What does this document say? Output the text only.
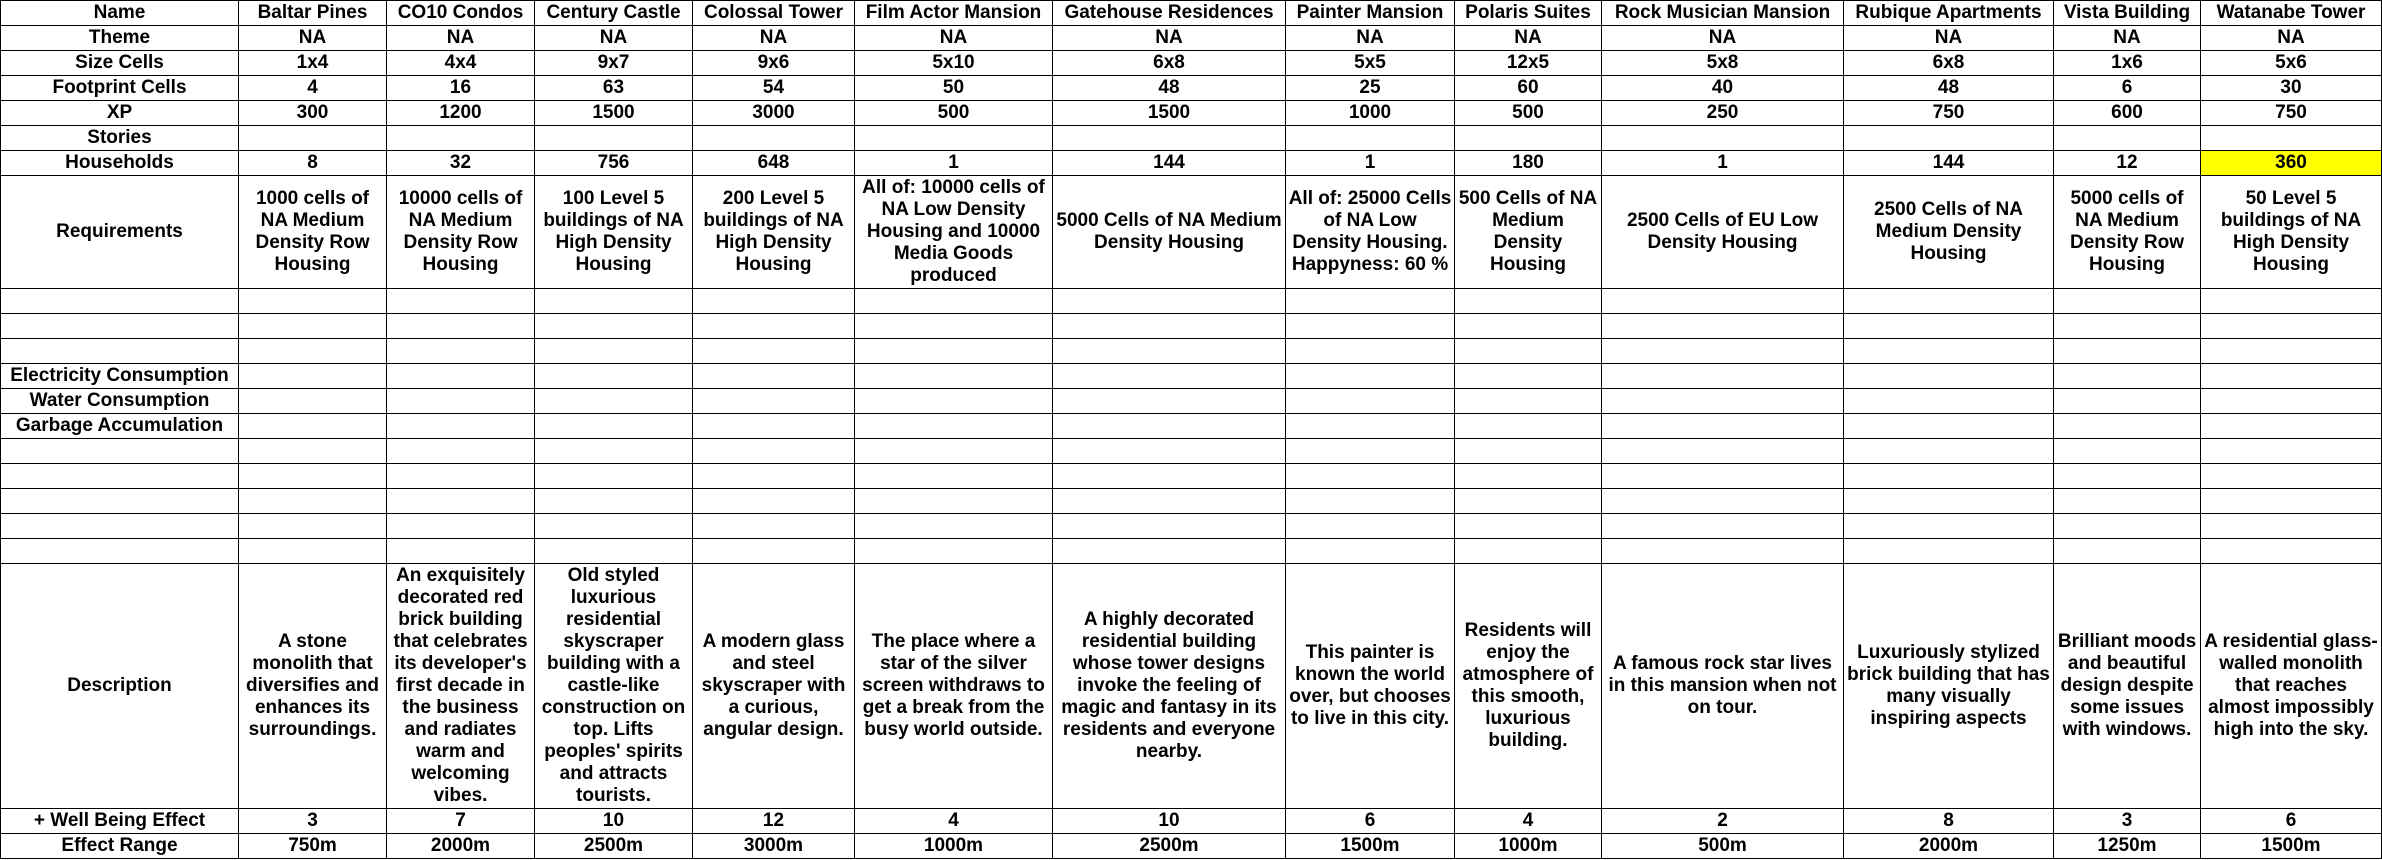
Name	Baltar Pines	CO10 Condos	Century Castle	Colossal Tower	Film Actor Mansion	Gatehouse Residences	Painter Mansion	Polaris Suites	Rock Musician Mansion	Rubique Apartments	Vista Building	Watanabe Tower
Theme	NA	NA	NA	NA	NA	NA	NA	NA	NA	NA	NA	NA
Size Cells	1x4	4x4	9x7	9x6	5x10	6x8	5x5	12x5	5x8	6x8	1x6	5x6
Footprint Cells	4	16	63	54	50	48	25	60	40	48	6	30
XP	300	1200	1500	3000	500	1500	1000	500	250	750	600	750
Stories												
Households	8	32	756	648	1	144	1	180	1	144	12	360
Requirements	1000 cells of NA Medium Density Row Housing	10000 cells of NA Medium Density Row Housing	100 Level 5 buildings of NA High Density Housing	200 Level 5 buildings of NA High Density Housing	All of: 10000 cells of NA Low Density Housing and 10000 Media Goods produced	5000 Cells of NA Medium Density Housing	All of: 25000 Cells of NA Low Density Housing. Happyness: 60 %	500 Cells of NA Medium Density Housing	2500 Cells of EU Low Density Housing	2500 Cells of NA Medium Density Housing	5000 cells of NA Medium Density Row Housing	50 Level 5 buildings of NA High Density Housing

Electricity Consumption												
Water Consumption												
Garbage Accumulation												

Description	A stone monolith that diversifies and enhances its surroundings.	An exquisitely decorated red brick building that celebrates its developer's first decade in the business and radiates warm and welcoming vibes.	Old styled luxurious residential skyscraper building with a castle-like construction on top. Lifts peoples' spirits and attracts tourists.	A modern glass and steel skyscraper with a curious, angular design.	The place where a star of the silver screen withdraws to get a break from the busy world outside.	A highly decorated residential building whose tower designs invoke the feeling of magic and fantasy in its residents and everyone nearby.	This painter is known the world over, but chooses to live in this city.	Residents will enjoy the atmosphere of this smooth, luxurious building.	A famous rock star lives in this mansion when not on tour.	Luxuriously stylized brick building that has many visually inspiring aspects	Brilliant moods and beautiful design despite some issues with windows.	A residential glass-walled monolith that reaches almost impossibly high into the sky.
+ Well Being Effect	3	7	10	12	4	10	6	4	2	8	3	6
Effect Range	750m	2000m	2500m	3000m	1000m	2500m	1500m	1000m	500m	2000m	1250m	1500m
